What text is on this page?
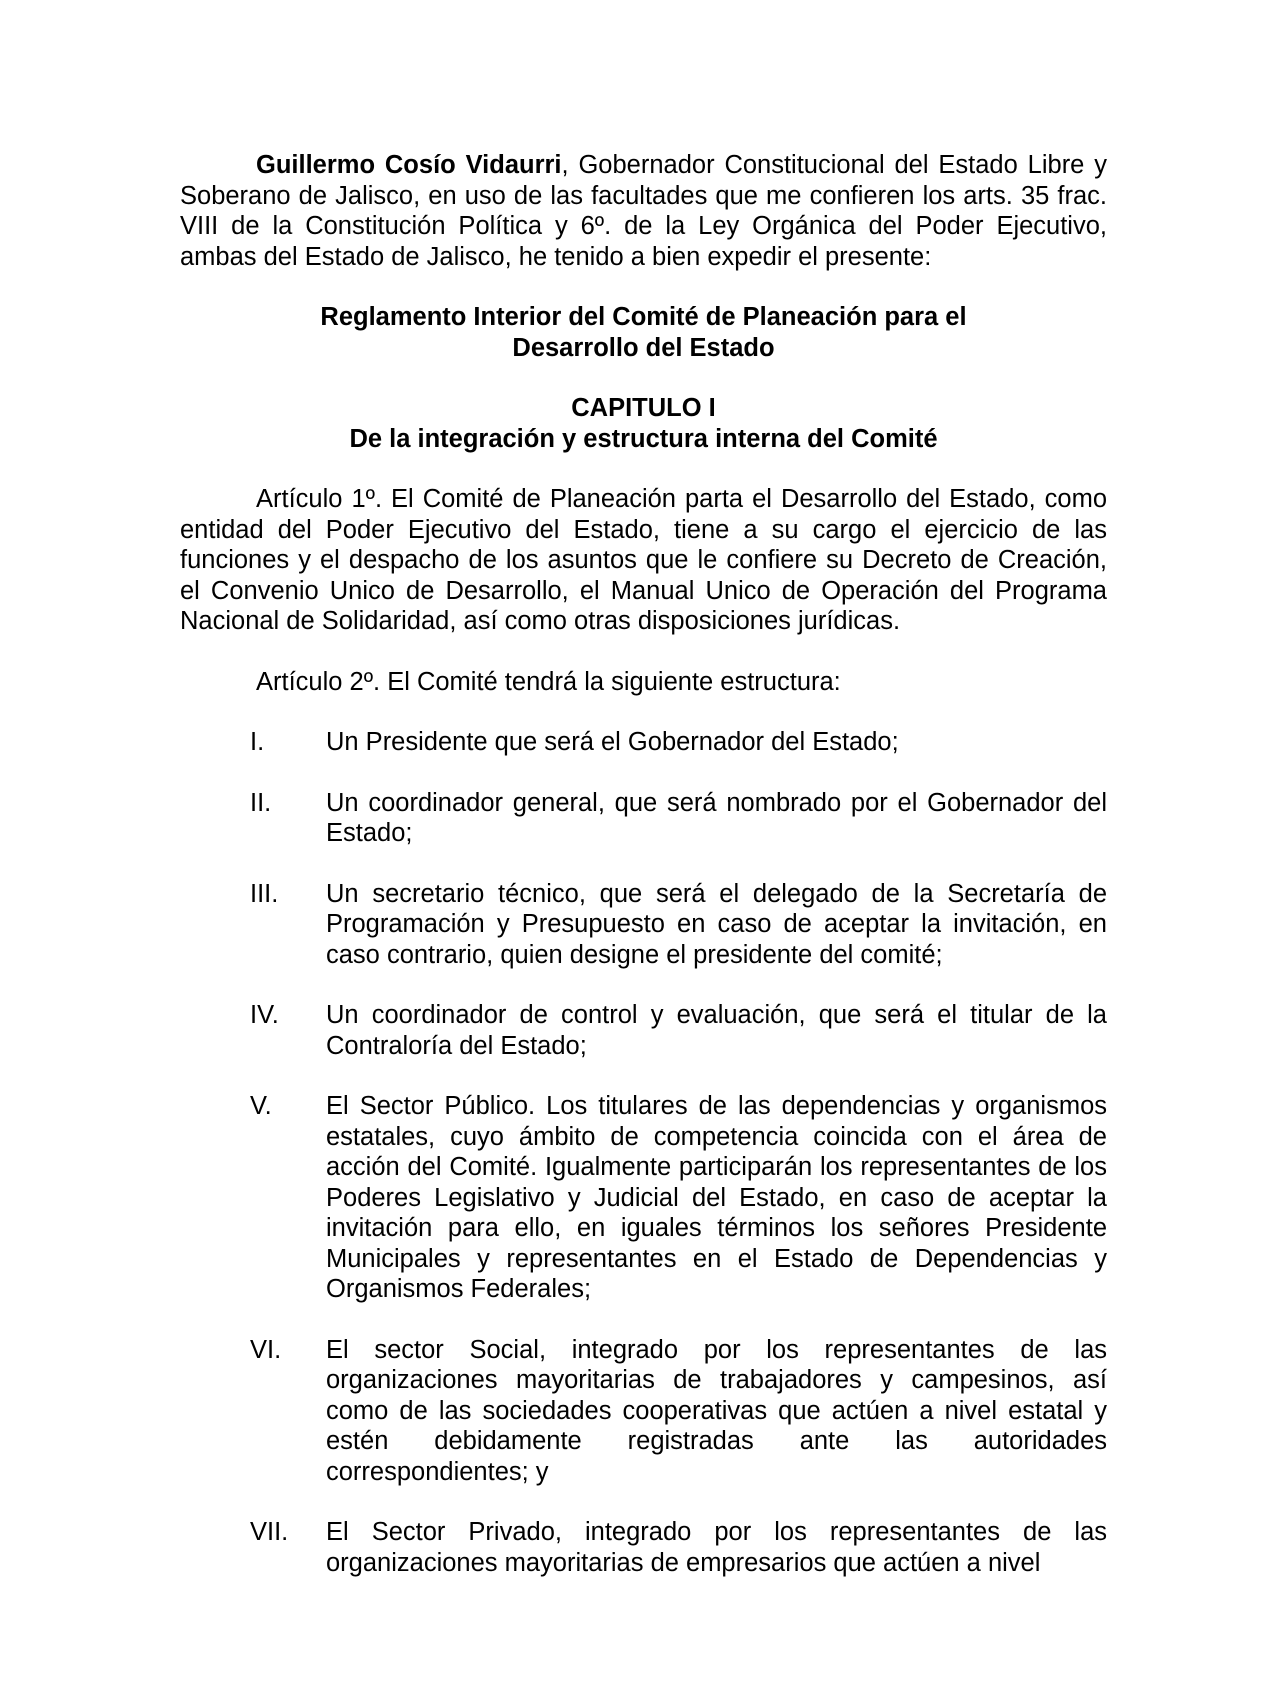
Guillermo Cosío Vidaurri, Gobernador Constitucional del Estado Libre y Soberano de Jalisco, en uso de las facultades que me confieren los arts. 35 frac. VIII de la Constitución Política y 6º. de la Ley Orgánica del Poder Ejecutivo, ambas del Estado de Jalisco, he tenido a bien expedir el presente:

Reglamento Interior del Comité de Planeación para el

Desarrollo del Estado

CAPITULO I

De la integración y estructura interna del Comité

Artículo 1º. El Comité de Planeación parta el Desarrollo del Estado, como entidad del Poder Ejecutivo del Estado, tiene a su cargo el ejercicio de las funciones y el despacho de los asuntos que le confiere su Decreto de Creación, el Convenio Unico de Desarrollo, el Manual Unico de Operación del Programa Nacional de Solidaridad, así como otras disposiciones jurídicas.

Artículo 2º. El Comité tendrá la siguiente estructura:

I.	Un Presidente que será el Gobernador del Estado;
II.	Un coordinador general, que será nombrado por el Gobernador del Estado;
III.	Un secretario técnico, que será el delegado de la Secretaría de Programación y Presupuesto en caso de aceptar la invitación, en caso contrario, quien designe el presidente del comité;
IV.	Un coordinador de control y evaluación, que será el titular de la Contraloría del Estado;
V.	El Sector Público. Los titulares de las dependencias y organismos estatales, cuyo ámbito de competencia coincida con el área de acción del Comité. Igualmente participarán los representantes de los Poderes Legislativo y Judicial del Estado, en caso de aceptar la invitación para ello, en iguales términos los señores Presidente Municipales y representantes en el Estado de Dependencias y Organismos Federales;
VI.	El sector Social, integrado por los representantes de las organizaciones mayoritarias de trabajadores y campesinos, así como de las sociedades cooperativas que actúen a nivel estatal y estén debidamente registradas ante las autoridades correspondientes; y
VII.	El Sector Privado, integrado por los representantes de las organizaciones mayoritarias de empresarios que actúen a nivel
